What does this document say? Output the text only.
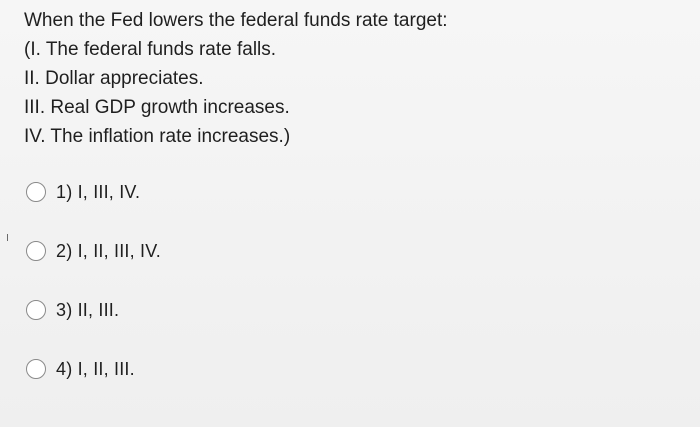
When the Fed lowers the federal funds rate target:

(I. The federal funds rate falls.
II. Dollar appreciates.
III. Real GDP growth increases.
IV. The inflation rate increases.)
1) I, III, IV.
2) I, II, III, IV.
3) II, III.
4) I, II, III.
